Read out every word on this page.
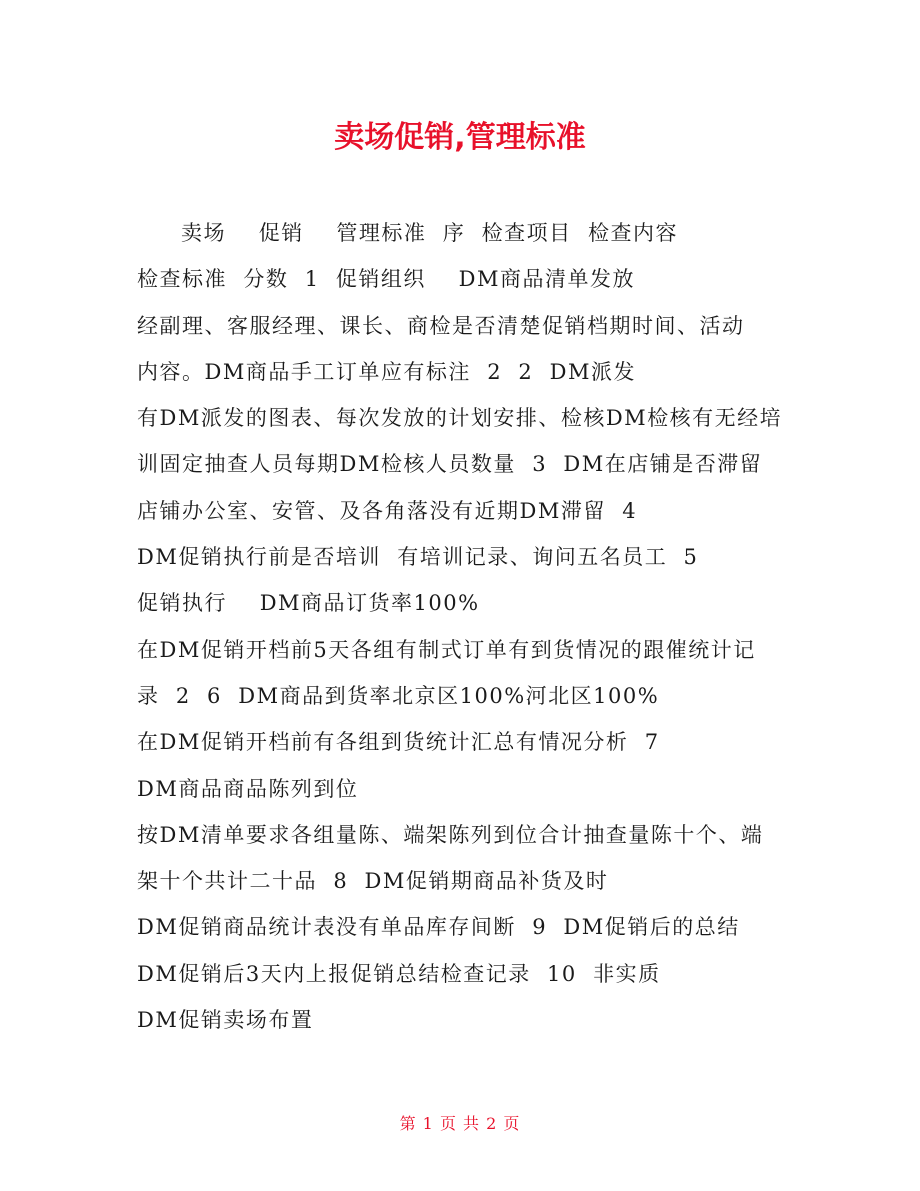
卖场促销,管理标准
卖场    促销    管理标准  序  检查项目  检查内容
检查标准  分数  1  促销组织    DM商品清单发放
经副理、客服经理、课长、商检是否清楚促销档期时间、活动
内容。DM商品手工订单应有标注  2  2  DM派发
有DM派发的图表、每次发放的计划安排、检核DM检核有无经培
训固定抽查人员每期DM检核人员数量  3  DM在店铺是否滞留
店铺办公室、安管、及各角落没有近期DM滞留  4
DM促销执行前是否培训  有培训记录、询问五名员工  5
促销执行    DM商品订货率100%
在DM促销开档前5天各组有制式订单有到货情况的跟催统计记
录  2  6  DM商品到货率北京区100%河北区100%
在DM促销开档前有各组到货统计汇总有情况分析  7
DM商品商品陈列到位
按DM清单要求各组量陈、端架陈列到位合计抽查量陈十个、端
架十个共计二十品  8  DM促销期商品补货及时
DM促销商品统计表没有单品库存间断  9  DM促销后的总结
DM促销后3天内上报促销总结检查记录  10  非实质
DM促销卖场布置
第 1 页 共 2 页
